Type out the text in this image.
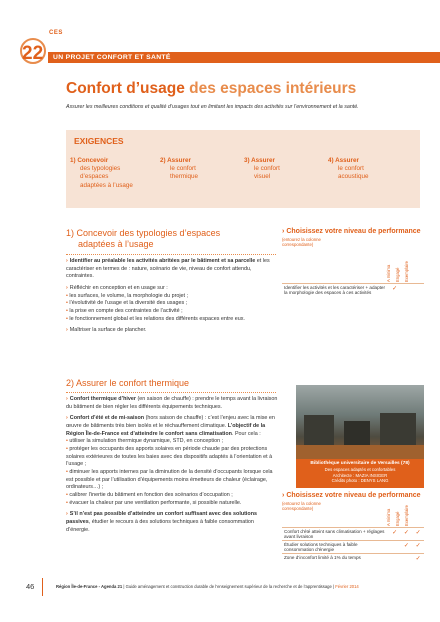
CES
22	UN PROJET CONFORT ET SANTÉ
Confort d’usage des espaces intérieurs
Assurer les meilleures conditions et qualité d’usages tout en limitant les impacts des activités sur l’environnement et la santé.
EXIGENCES
1) Concevoir
des typologies
d’espaces
adaptées à l’usage
2) Assurer
le confort
thermique
3) Assurer
le confort
visuel
4) Assurer
le confort
acoustique
1) Concevoir des typologies d’espaces
adaptées à l’usage

› Identifier au préalable les activités abritées par le bâtiment et sa parcelle et les caractériser en termes de : nature, scénario de vie, niveau de confort attendu, contraintes.

› Réfléchir en conception et en usage sur :

• les surfaces, le volume, la morphologie du projet ;

• l’évolutivité de l’usage et la diversité des usages ;

• la prise en compte des contraintes de l’activité ;

• le fonctionnement global et les relations des différents espaces entre eux.

› Maîtriser la surface de plancher.

› Choisissez votre niveau de performance
(entourez la colonne
correspondante)
A minima	Engagé	Exemplaire
Identifier les activités et les caractériser + adapter la morphologie des espaces à ces activités	✓		
2) Assurer le confort thermique

› Confort thermique d’hiver (en saison de chauffe) : prendre le temps avant la livraison du bâtiment de bien régler les différents équipements techniques.

› Confort d’été et de mi-saison (hors saison de chauffe) : c’est l’enjeu avec la mise en œuvre de bâtiments très bien isolés et le réchauffement climatique. L’objectif de la Région Île-de-France est d’atteindre le confort sans climatisation. Pour cela :

• utiliser la simulation thermique dynamique, STD, en conception ;

• protéger les occupants des apports solaires en période chaude par des protections solaires extérieures de toutes les baies avec des dispositifs adaptés à l’orientation et à l’usage ;

• diminuer les apports internes par la diminution de la densité d’occupants lorsque cela est possible et par l’utilisation d’équipements moins émetteurs de chaleur (éclairage, ordinateurs…) ;

• calibrer l’inertie du bâtiment en fonction des scénarios d’occupation ;

• évacuer la chaleur par une ventilation performante, si possible naturelle.

› S’il n’est pas possible d’atteindre un confort suffisant avec des solutions passives, étudier le recours à des solutions techniques à faible consommation d’énergie.

Bibliothèque universitaire de Versailles (78)
Des espaces adaptés et confortables
Architecte : MAZIA INSIGER
Crédits photo : DENYS LANG
› Choisissez votre niveau de performance
(entourez la colonne
correspondante)
A minima	Engagé	Exemplaire
Confort d’été atteint sans climatisation + réglages avant livraison	✓	✓	✓
Étudier solutions techniques à faible consommation d’énergie		✓	✓
Zone d’inconfort limité à 1% du temps			✓
46	Région Île-de-France - Agenda 21 | Guide aménagement et construction durable de l’enseignement supérieur de la recherche et de l’apprentissage | Février 2014
